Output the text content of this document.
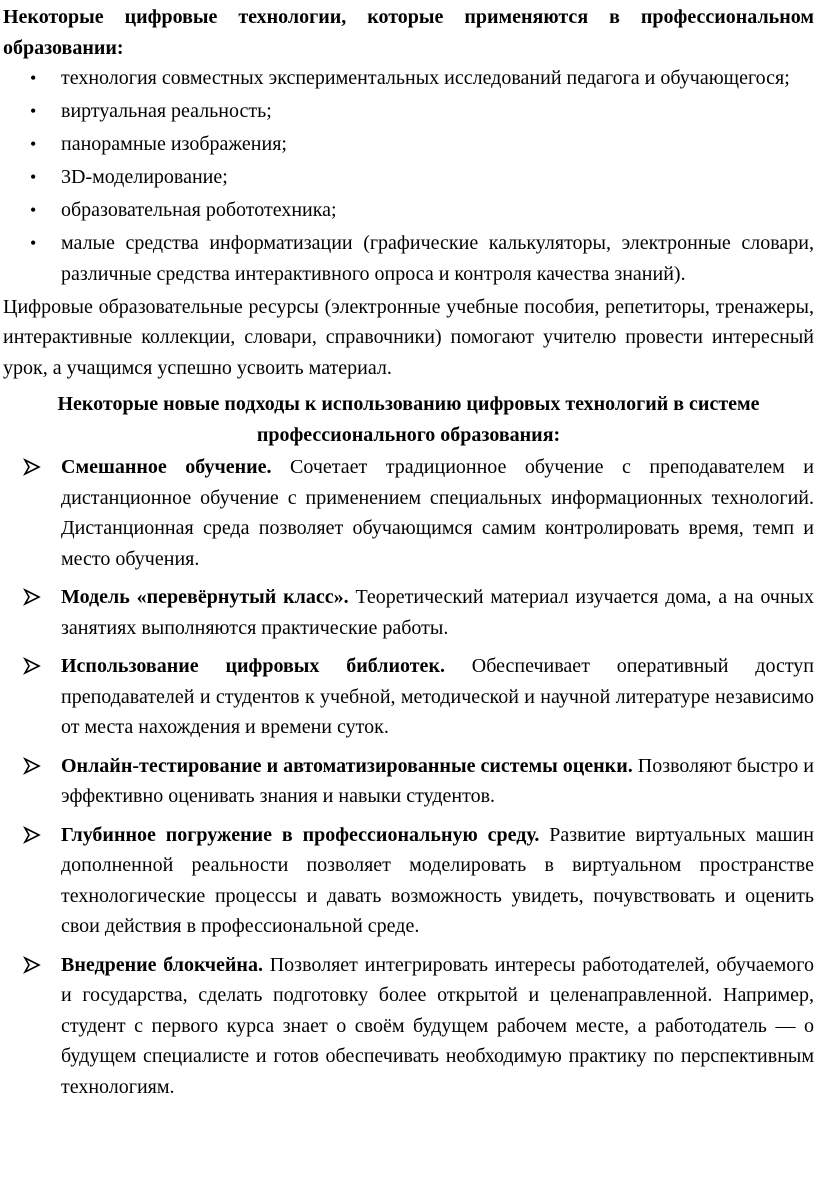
Некоторые цифровые технологии, которые применяются в профессиональном образовании:

• технология совместных экспериментальных исследований педагога и обучающегося;
• виртуальная реальность;
• панорамные изображения;
• 3D-моделирование;
• образовательная робототехника;
• малые средства информатизации (графические калькуляторы, электронные словари, различные средства интерактивного опроса и контроля качества знаний).

Цифровые образовательные ресурсы (электронные учебные пособия, репетиторы, тренажеры, интерактивные коллекции, словари, справочники) помогают учителю провести интересный урок, а учащимся успешно усвоить материал.

Некоторые новые подходы к использованию цифровых технологий в системе профессионального образования:

Смешанное обучение. Сочетает традиционное обучение с преподавателем и дистанционное обучение с применением специальных информационных технологий. Дистанционная среда позволяет обучающимся самим контролировать время, темп и место обучения.
Модель «перевёрнутый класс». Теоретический материал изучается дома, а на очных занятиях выполняются практические работы.
Использование цифровых библиотек. Обеспечивает оперативный доступ преподавателей и студентов к учебной, методической и научной литературе независимо от места нахождения и времени суток.
Онлайн-тестирование и автоматизированные системы оценки. Позволяют быстро и эффективно оценивать знания и навыки студентов.
Глубинное погружение в профессиональную среду. Развитие виртуальных машин дополненной реальности позволяет моделировать в виртуальном пространстве технологические процессы и давать возможность увидеть, почувствовать и оценить свои действия в профессиональной среде.
Внедрение блокчейна. Позволяет интегрировать интересы работодателей, обучаемого и государства, сделать подготовку более открытой и целенаправленной. Например, студент с первого курса знает о своём будущем рабочем месте, а работодатель — о будущем специалисте и готов обеспечивать необходимую практику по перспективным технологиям.
